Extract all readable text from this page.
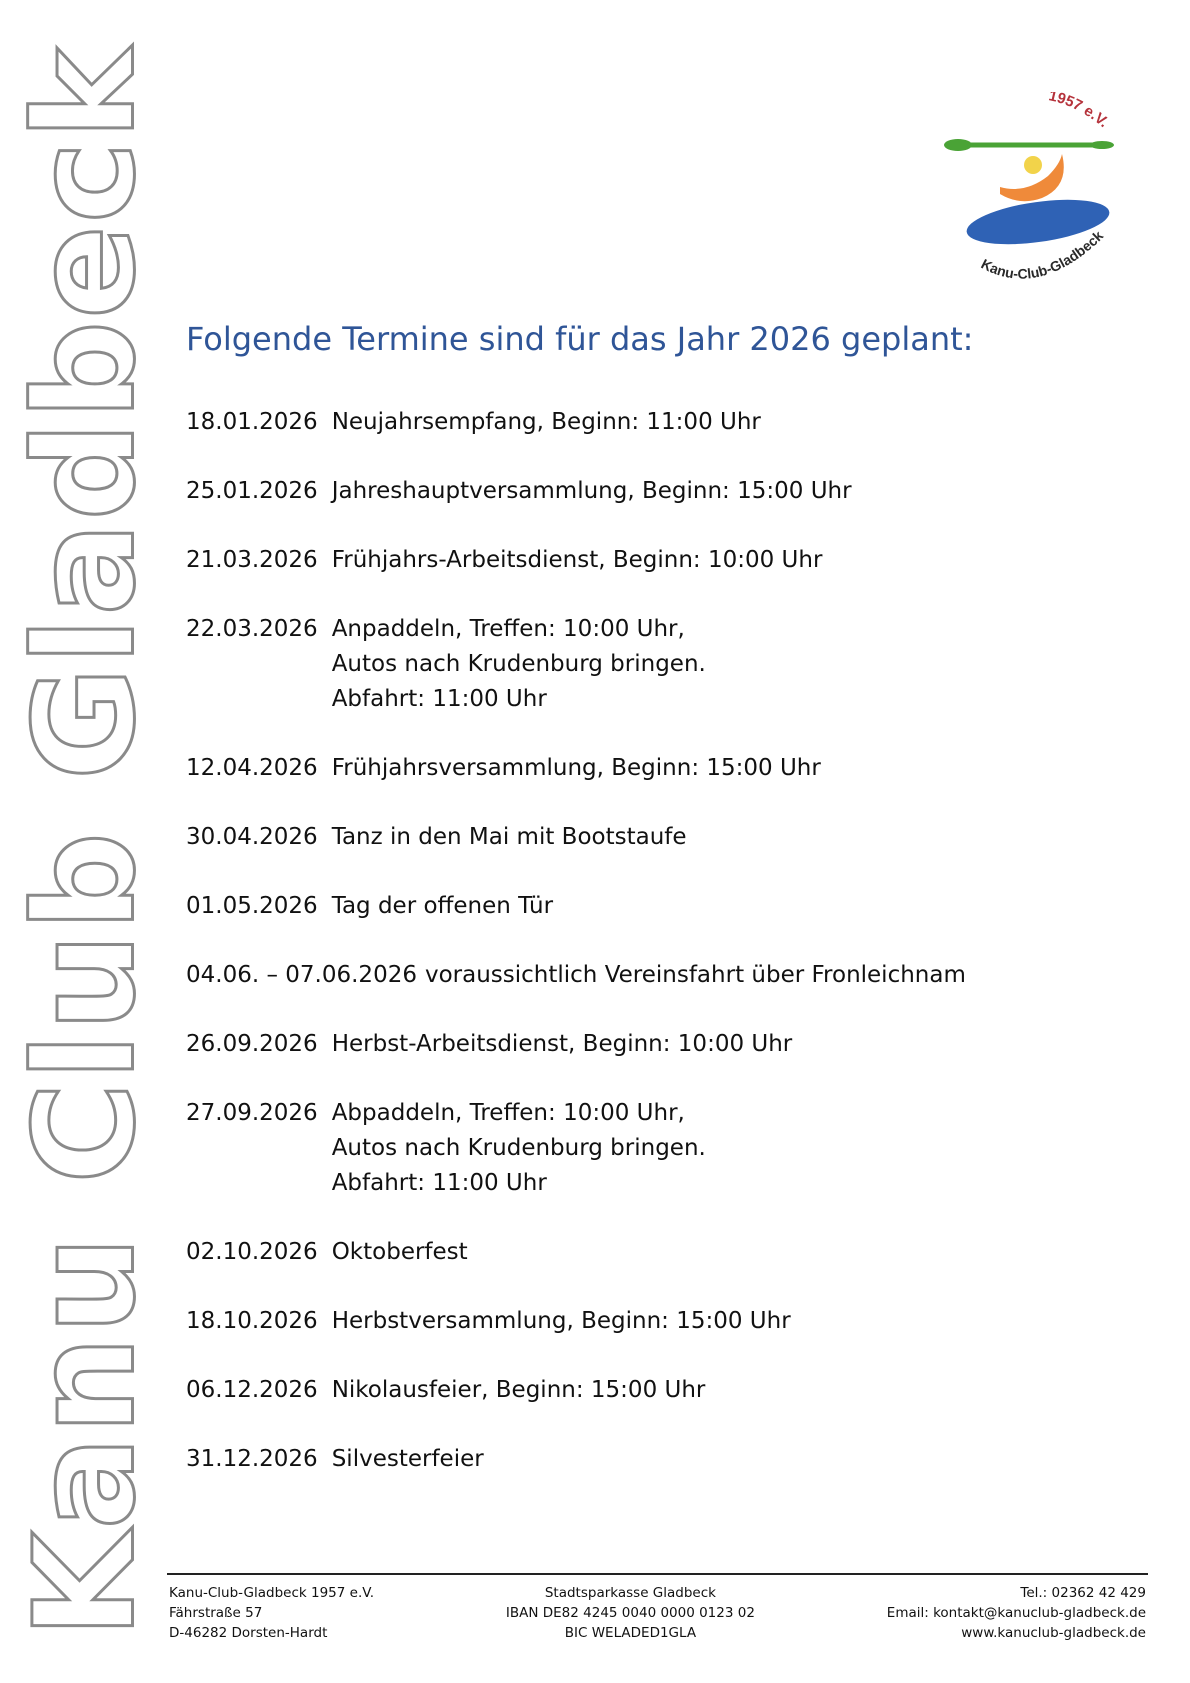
Kanu Club Gladbeck	1957 e.V.
Kanu-Club-Gladbeck
Folgende Termine sind für das Jahr 2026 geplant:
18.01.2026 Neujahrsempfang, Beginn: 11:00 Uhr
25.01.2026 Jahreshauptversammlung, Beginn: 15:00 Uhr
21.03.2026 Frühjahrs-Arbeitsdienst, Beginn: 10:00 Uhr
22.03.2026 Anpaddeln, Treffen: 10:00 Uhr,
Autos nach Krudenburg bringen.
Abfahrt: 11:00 Uhr
12.04.2026 Frühjahrsversammlung, Beginn: 15:00 Uhr
30.04.2026 Tanz in den Mai mit Bootstaufe
01.05.2026 Tag der offenen Tür
04.06. – 07.06.2026 voraussichtlich Vereinsfahrt über Fronleichnam
26.09.2026 Herbst-Arbeitsdienst, Beginn: 10:00 Uhr
27.09.2026 Abpaddeln, Treffen: 10:00 Uhr,
Autos nach Krudenburg bringen.
Abfahrt: 11:00 Uhr
02.10.2026 Oktoberfest
18.10.2026 Herbstversammlung, Beginn: 15:00 Uhr
06.12.2026 Nikolausfeier, Beginn: 15:00 Uhr
31.12.2026 Silvesterfeier
Kanu-Club-Gladbeck 1957 e.V.
Fährstraße 57
D-46282 Dorsten-Hardt
Stadtsparkasse Gladbeck
IBAN DE82 4245 0040 0000 0123 02
BIC WELADED1GLA
Tel.: 02362 42 429
Email: kontakt@kanuclub-gladbeck.de
www.kanuclub-gladbeck.de
